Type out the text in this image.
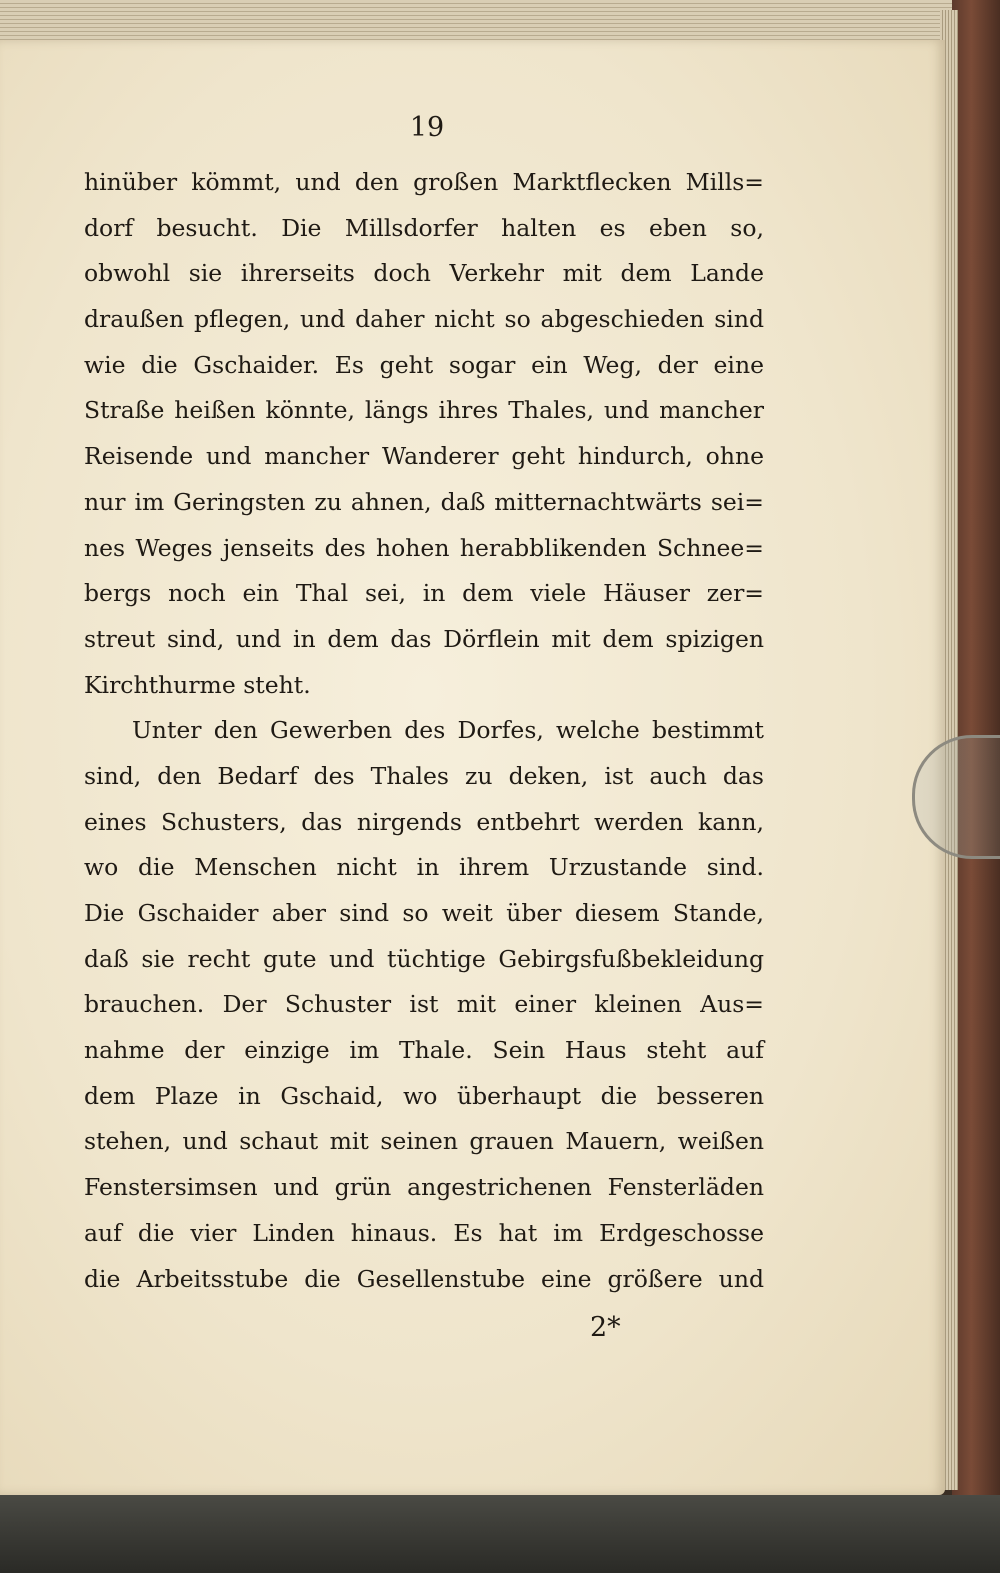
19
hinüber kömmt, und den großen Marktflecken Mills=
dorf besucht. Die Millsdorfer halten es eben so,
obwohl sie ihrerseits doch Verkehr mit dem Lande
draußen pflegen, und daher nicht so abgeschieden sind
wie die Gschaider. Es geht sogar ein Weg, der eine
Straße heißen könnte, längs ihres Thales, und mancher
Reisende und mancher Wanderer geht hindurch, ohne
nur im Geringsten zu ahnen, daß mitternachtwärts sei=
nes Weges jenseits des hohen herabblikenden Schnee=
bergs noch ein Thal sei, in dem viele Häuser zer=
streut sind, und in dem das Dörflein mit dem spizigen
Kirchthurme steht.
Unter den Gewerben des Dorfes, welche bestimmt
sind, den Bedarf des Thales zu deken, ist auch das
eines Schusters, das nirgends entbehrt werden kann,
wo die Menschen nicht in ihrem Urzustande sind.
Die Gschaider aber sind so weit über diesem Stande,
daß sie recht gute und tüchtige Gebirgsfußbekleidung
brauchen. Der Schuster ist mit einer kleinen Aus=
nahme der einzige im Thale. Sein Haus steht auf
dem Plaze in Gschaid, wo überhaupt die besseren
stehen, und schaut mit seinen grauen Mauern, weißen
Fenstersimsen und grün angestrichenen Fensterläden
auf die vier Linden hinaus. Es hat im Erdgeschosse
die Arbeitsstube die Gesellenstube eine größere und
2*
